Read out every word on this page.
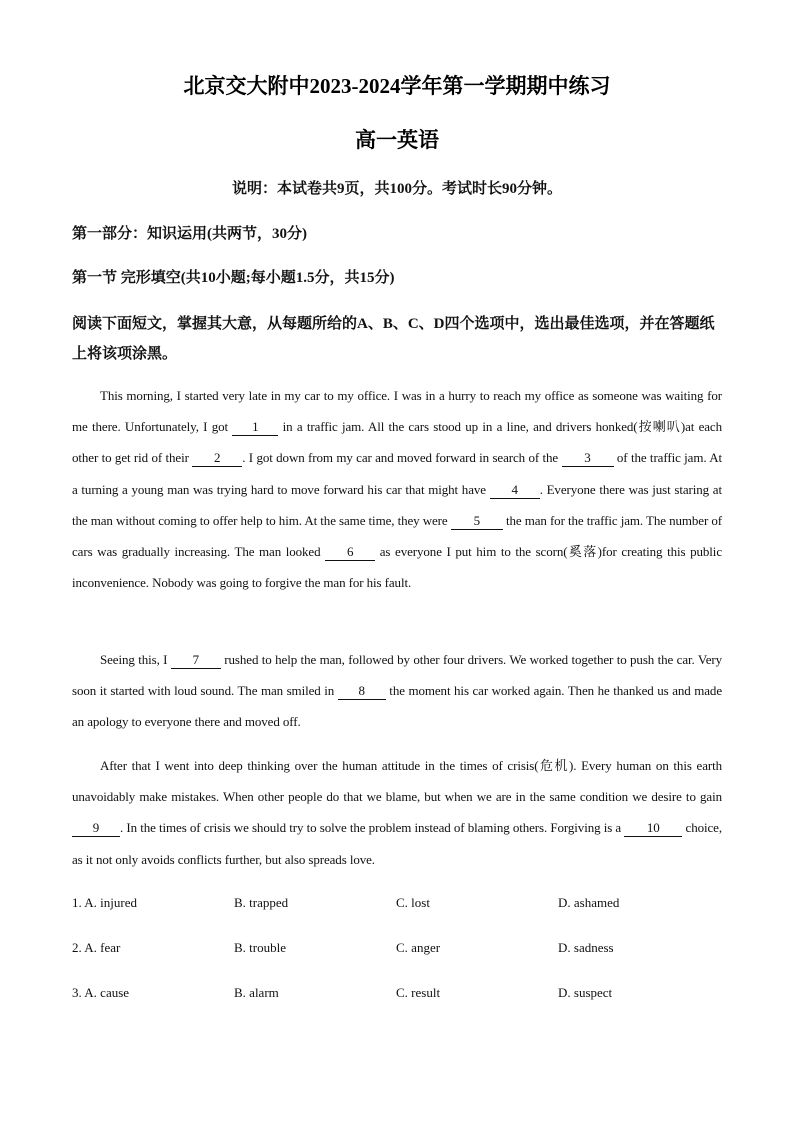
北京交大附中2023-2024学年第一学期期中练习
高一英语
说明：本试卷共9页，共100分。考试时长90分钟。
第一部分：知识运用(共两节，30分)
第一节 完形填空(共10小题;每小题1.5分，共15分)
阅读下面短文，掌握其大意，从每题所给的A、B、C、D四个选项中，选出最佳选项，并在答题纸上将该项涂黑。
This morning, I started very late in my car to my office. I was in a hurry to reach my office as someone was waiting for me there. Unfortunately, I got 1 in a traffic jam. All the cars stood up in a line, and drivers honked(按喇叭)at each other to get rid of their 2 . I got down from my car and moved forward in search of the 3 of the traffic jam. At a turning a young man was trying hard to move forward his car that might have 4 . Everyone there was just staring at the man without coming to offer help to him. At the same time, they were 5 the man for the traffic jam. The number of cars was gradually increasing. The man looked 6 as everyone I put him to the scorn(奚落)for creating this public inconvenience. Nobody was going to forgive the man for his fault.
Seeing this, I 7 rushed to help the man, followed by other four drivers. We worked together to push the car. Very soon it started with loud sound. The man smiled in 8 the moment his car worked again. Then he thanked us and made an apology to everyone there and moved off.
After that I went into deep thinking over the human attitude in the times of crisis(危机). Every human on this earth unavoidably make mistakes. When other people do that we blame, but when we are in the same condition we desire to gain 9 . In the times of crisis we should try to solve the problem instead of blaming others. Forgiving is a 10 choice, as it not only avoids conflicts further, but also spreads love.
1. A. injured	B. trapped	C. lost	D. ashamed
2. A. fear	B. trouble	C. anger	D. sadness
3. A. cause	B. alarm	C. result	D. suspect
